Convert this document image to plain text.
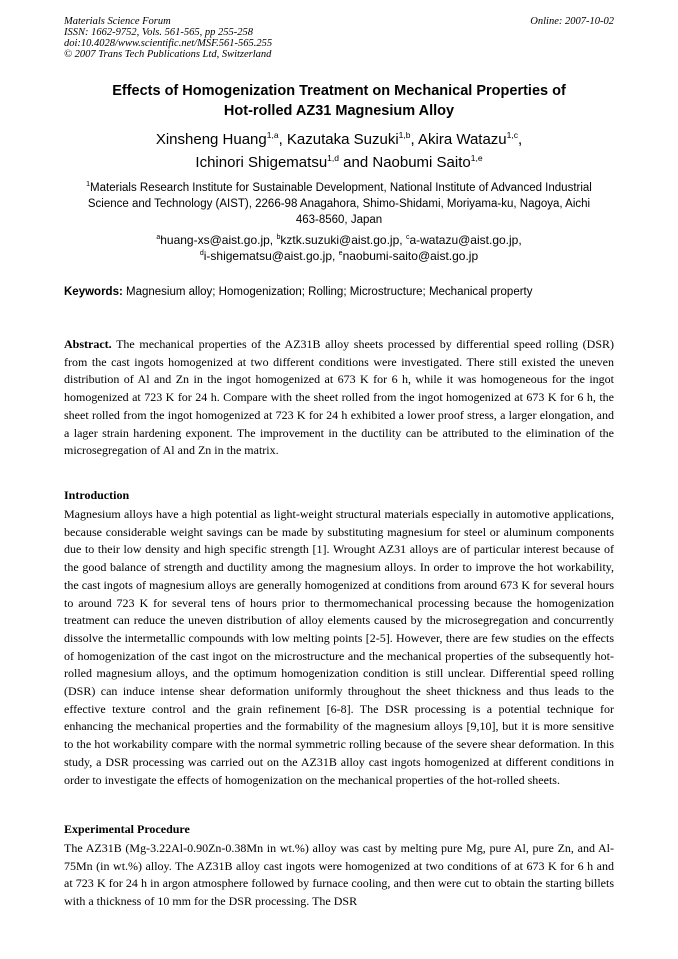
Materials Science Forum
ISSN: 1662-9752, Vols. 561-565, pp 255-258
doi:10.4028/www.scientific.net/MSF.561-565.255
© 2007 Trans Tech Publications Ltd, Switzerland
Online: 2007-10-02
Effects of Homogenization Treatment on Mechanical Properties of
Hot-rolled AZ31 Magnesium Alloy
Xinsheng Huang$^{1,a}$, Kazutaka Suzuki$^{1,b}$, Akira Watazu$^{1,c}$,
Ichinori Shigematsu$^{1,d}$ and Naobumi Saito$^{1,e}$
$^1$Materials Research Institute for Sustainable Development, National Institute of Advanced Industrial
Science and Technology (AIST), 2266-98 Anagahora, Shimo-Shidami, Moriyama-ku, Nagoya, Aichi
463-8560, Japan
$^a$huang-xs@aist.go.jp, $^b$kztk.suzuki@aist.go.jp, $^c$a-watazu@aist.go.jp,
$^d$i-shigematsu@aist.go.jp, $^e$naobumi-saito@aist.go.jp
Keywords: Magnesium alloy; Homogenization; Rolling; Microstructure; Mechanical property
Abstract. The mechanical properties of the AZ31B alloy sheets processed by differential speed rolling (DSR) from the cast ingots homogenized at two different conditions were investigated. There still existed the uneven distribution of Al and Zn in the ingot homogenized at 673 K for 6 h, while it was homogeneous for the ingot homogenized at 723 K for 24 h. Compare with the sheet rolled from the ingot homogenized at 673 K for 6 h, the sheet rolled from the ingot homogenized at 723 K for 24 h exhibited a lower proof stress, a larger elongation, and a lager strain hardening exponent. The improvement in the ductility can be attributed to the elimination of the microsegregation of Al and Zn in the matrix.
Introduction
Magnesium alloys have a high potential as light-weight structural materials especially in automotive applications, because considerable weight savings can be made by substituting magnesium for steel or aluminum components due to their low density and high specific strength [1]. Wrought AZ31 alloys are of particular interest because of the good balance of strength and ductility among the magnesium alloys. In order to improve the hot workability, the cast ingots of magnesium alloys are generally homogenized at conditions from around 673 K for several hours to around 723 K for several tens of hours prior to thermomechanical processing because the homogenization treatment can reduce the uneven distribution of alloy elements caused by the microsegregation and concurrently dissolve the intermetallic compounds with low melting points [2-5]. However, there are few studies on the effects of homogenization of the cast ingot on the microstructure and the mechanical properties of the subsequently hot-rolled magnesium alloys, and the optimum homogenization condition is still unclear. Differential speed rolling (DSR) can induce intense shear deformation uniformly throughout the sheet thickness and thus leads to the effective texture control and the grain refinement [6-8]. The DSR processing is a potential technique for enhancing the mechanical properties and the formability of the magnesium alloys [9,10], but it is more sensitive to the hot workability compare with the normal symmetric rolling because of the severe shear deformation. In this study, a DSR processing was carried out on the AZ31B alloy cast ingots homogenized at different conditions in order to investigate the effects of homogenization on the mechanical properties of the hot-rolled sheets.
Experimental Procedure
The AZ31B (Mg-3.22Al-0.90Zn-0.38Mn in wt.%) alloy was cast by melting pure Mg, pure Al, pure Zn, and Al-75Mn (in wt.%) alloy. The AZ31B alloy cast ingots were homogenized at two conditions of at 673 K for 6 h and at 723 K for 24 h in argon atmosphere followed by furnace cooling, and then were cut to obtain the starting billets with a thickness of 10 mm for the DSR processing. The DSR
